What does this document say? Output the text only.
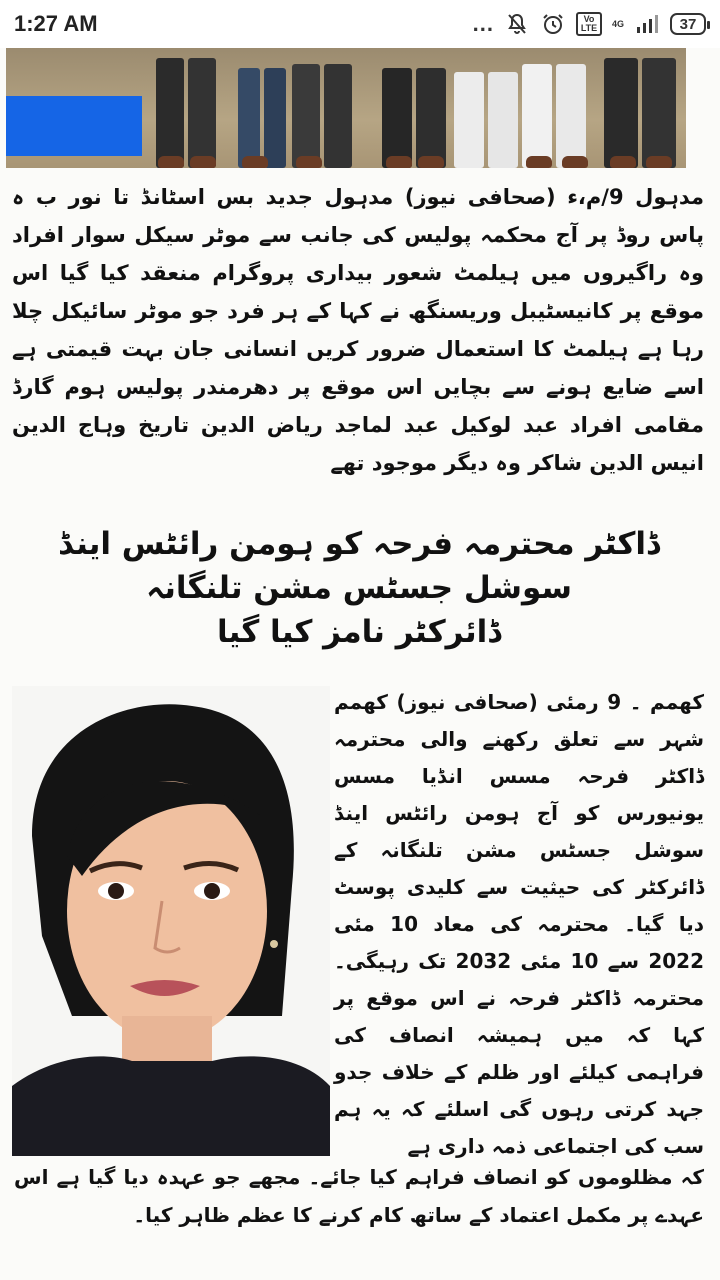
1:27 AM	...	Vo LTE	4G	37
مدہول 9/م،ء (صحافی نیوز) مدہول جدید بس اسٹانڈ تا نور ب ہ پاس روڈ پر آج محکمہ پولیس کی جانب سے موٹر سیکل سوار افراد وہ راگیروں میں ہیلمٹ شعور بیداری پروگرام منعقد کیا گیا اس موقع پر کانیسٹیبل وریسنگھ نے کہا کے ہر فرد جو موٹر سائیکل چلا رہا ہے ہیلمٹ کا استعمال ضرور کریں انسانی جان بہت قیمتی ہے اسے ضایع ہونے سے بچایں اس موقع پر دھرمندر پولیس ہوم گارڈ مقامی افراد عبد لوکیل عبد لماجد ریاض الدین تاریخ وہاج الدین انیس الدین شاکر وہ دیگر موجود تھے
ڈاکٹر محترمہ فرحہ کو ہومن رائٹس اینڈ سوشل جسٹس مشن تلنگانہ
ڈائرکٹر نامز کیا گیا
کھمم ۔ 9 رمئی (صحافی نیوز) کھمم شہر سے تعلق رکھنے والی محترمہ ڈاکٹر فرحہ مسس انڈیا مسس یونیورس کو آج ہومن رائٹس اینڈ سوشل جسٹس مشن تلنگانہ کے ڈائرکٹر کی حیثیت سے کلیدی پوسٹ دیا گیا۔ محترمہ کی معاد 10 مئی 2022 سے 10 مئی 2032 تک رہیگی۔ محترمہ ڈاکٹر فرحہ نے اس موقع پر کہا کہ میں ہمیشہ انصاف کی فراہمی کیلئے اور ظلم کے خلاف جدو جہد کرتی رہوں گی اسلئے کہ یہ ہم سب کی اجتماعی ذمہ داری ہے
کہ مظلوموں کو انصاف فراہم کیا جائے۔ مجھے جو عہدہ دیا گیا ہے اس عہدے پر مکمل اعتماد کے ساتھ کام کرنے کا عظم ظاہر کیا۔
